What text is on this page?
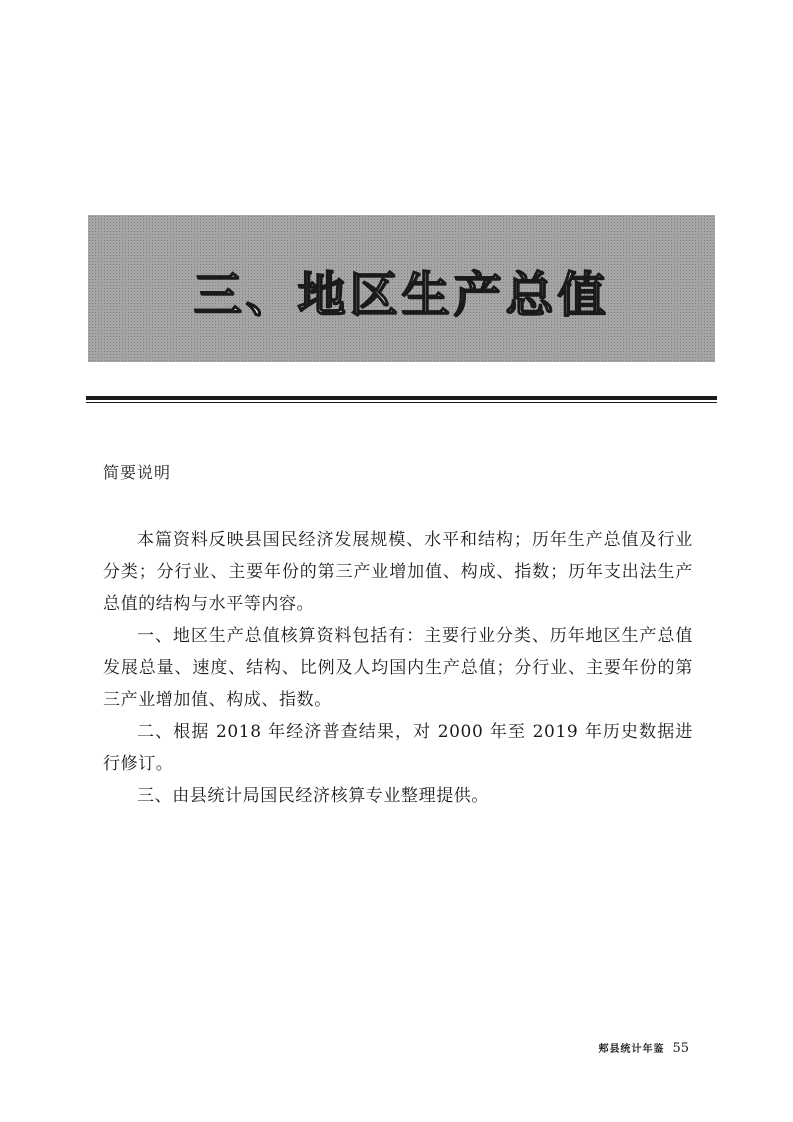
三、地区生产总值
简要说明

本篇资料反映县国民经济发展规模、水平和结构；历年生产总值及行业分类；分行业、主要年份的第三产业增加值、构成、指数；历年支出法生产总值的结构与水平等内容。

一、地区生产总值核算资料包括有：主要行业分类、历年地区生产总值发展总量、速度、结构、比例及人均国内生产总值；分行业、主要年份的第三产业增加值、构成、指数。

二、根据 2018 年经济普查结果，对 2000 年至 2019 年历史数据进行修订。

三、由县统计局国民经济核算专业整理提供。

郏县统计年鉴 55
